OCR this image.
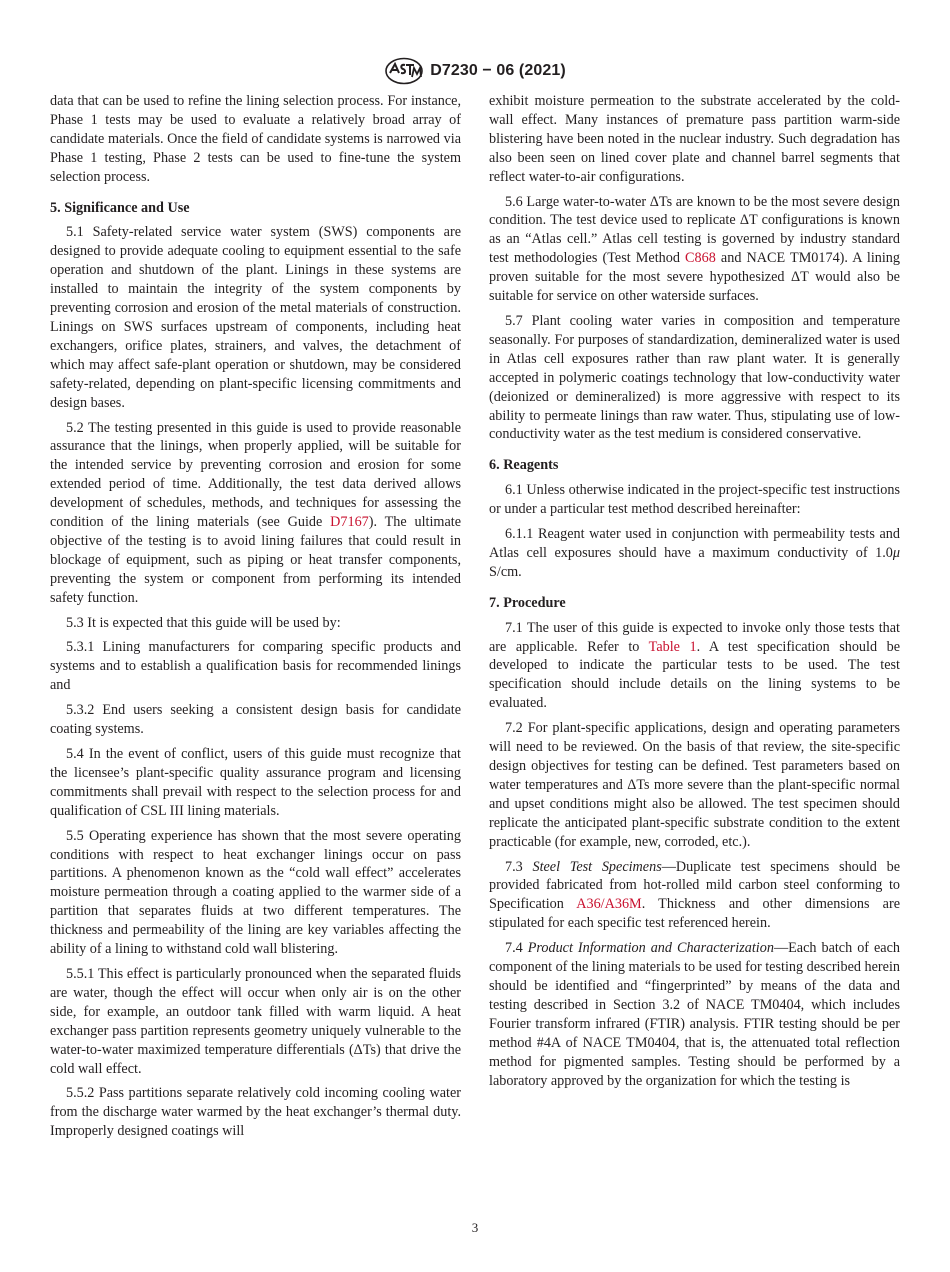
D7230 − 06 (2021)

data that can be used to refine the lining selection process. For instance, Phase 1 tests may be used to evaluate a relatively broad array of candidate materials. Once the field of candidate systems is narrowed via Phase 1 testing, Phase 2 tests can be used to fine-tune the system selection process.

5. Significance and Use

5.1 Safety-related service water system (SWS) components are designed to provide adequate cooling to equipment essential to the safe operation and shutdown of the plant. Linings in these systems are installed to maintain the integrity of the system components by preventing corrosion and erosion of the metal materials of construction. Linings on SWS surfaces upstream of components, including heat exchangers, orifice plates, strainers, and valves, the detachment of which may affect safe-plant operation or shutdown, may be considered safety-related, depending on plant-specific licensing commitments and design bases.

5.2 The testing presented in this guide is used to provide reasonable assurance that the linings, when properly applied, will be suitable for the intended service by preventing corrosion and erosion for some extended period of time. Additionally, the test data derived allows development of schedules, methods, and techniques for assessing the condition of the lining materials (see Guide D7167). The ultimate objective of the testing is to avoid lining failures that could result in blockage of equipment, such as piping or heat transfer components, preventing the system or component from performing its intended safety function.

5.3 It is expected that this guide will be used by:

5.3.1 Lining manufacturers for comparing specific products and systems and to establish a qualification basis for recommended linings and

5.3.2 End users seeking a consistent design basis for candidate coating systems.

5.4 In the event of conflict, users of this guide must recognize that the licensee’s plant-specific quality assurance program and licensing commitments shall prevail with respect to the selection process for and qualification of CSL III lining materials.

5.5 Operating experience has shown that the most severe operating conditions with respect to heat exchanger linings occur on pass partitions. A phenomenon known as the “cold wall effect” accelerates moisture permeation through a coating applied to the warmer side of a partition that separates fluids at two different temperatures. The thickness and permeability of the lining are key variables affecting the ability of a lining to withstand cold wall blistering.

5.5.1 This effect is particularly pronounced when the separated fluids are water, though the effect will occur when only air is on the other side, for example, an outdoor tank filled with warm liquid. A heat exchanger pass partition represents geometry uniquely vulnerable to the water-to-water maximized temperature differentials (ΔTs) that drive the cold wall effect.

5.5.2 Pass partitions separate relatively cold incoming cooling water from the discharge water warmed by the heat exchanger’s thermal duty. Improperly designed coatings will

exhibit moisture permeation to the substrate accelerated by the cold-wall effect. Many instances of premature pass partition warm-side blistering have been noted in the nuclear industry. Such degradation has also been seen on lined cover plate and channel barrel segments that reflect water-to-air configurations.

5.6 Large water-to-water ΔTs are known to be the most severe design condition. The test device used to replicate ΔT configurations is known as an “Atlas cell.” Atlas cell testing is governed by industry standard test methodologies (Test Method C868 and NACE TM0174). A lining proven suitable for the most severe hypothesized ΔT would also be suitable for service on other waterside surfaces.

5.7 Plant cooling water varies in composition and temperature seasonally. For purposes of standardization, demineralized water is used in Atlas cell exposures rather than raw plant water. It is generally accepted in polymeric coatings technology that low-conductivity water (deionized or demineralized) is more aggressive with respect to its ability to permeate linings than raw water. Thus, stipulating use of low-conductivity water as the test medium is considered conservative.

6. Reagents

6.1 Unless otherwise indicated in the project-specific test instructions or under a particular test method described hereinafter:

6.1.1 Reagent water used in conjunction with permeability tests and Atlas cell exposures should have a maximum conductivity of 1.0μ S/cm.

7. Procedure

7.1 The user of this guide is expected to invoke only those tests that are applicable. Refer to Table 1. A test specification should be developed to indicate the particular tests to be used. The test specification should include details on the lining systems to be evaluated.

7.2 For plant-specific applications, design and operating parameters will need to be reviewed. On the basis of that review, the site-specific design objectives for testing can be defined. Test parameters based on water temperatures and ΔTs more severe than the plant-specific normal and upset conditions might also be allowed. The test specimen should replicate the anticipated plant-specific substrate condition to the extent practicable (for example, new, corroded, etc.).

7.3 Steel Test Specimens—Duplicate test specimens should be provided fabricated from hot-rolled mild carbon steel conforming to Specification A36/A36M. Thickness and other dimensions are stipulated for each specific test referenced herein.

7.4 Product Information and Characterization—Each batch of each component of the lining materials to be used for testing described herein should be identified and “fingerprinted” by means of the data and testing described in Section 3.2 of NACE TM0404, which includes Fourier transform infrared (FTIR) analysis. FTIR testing should be per method #4A of NACE TM0404, that is, the attenuated total reflection method for pigmented samples. Testing should be performed by a laboratory approved by the organization for which the testing is

3
